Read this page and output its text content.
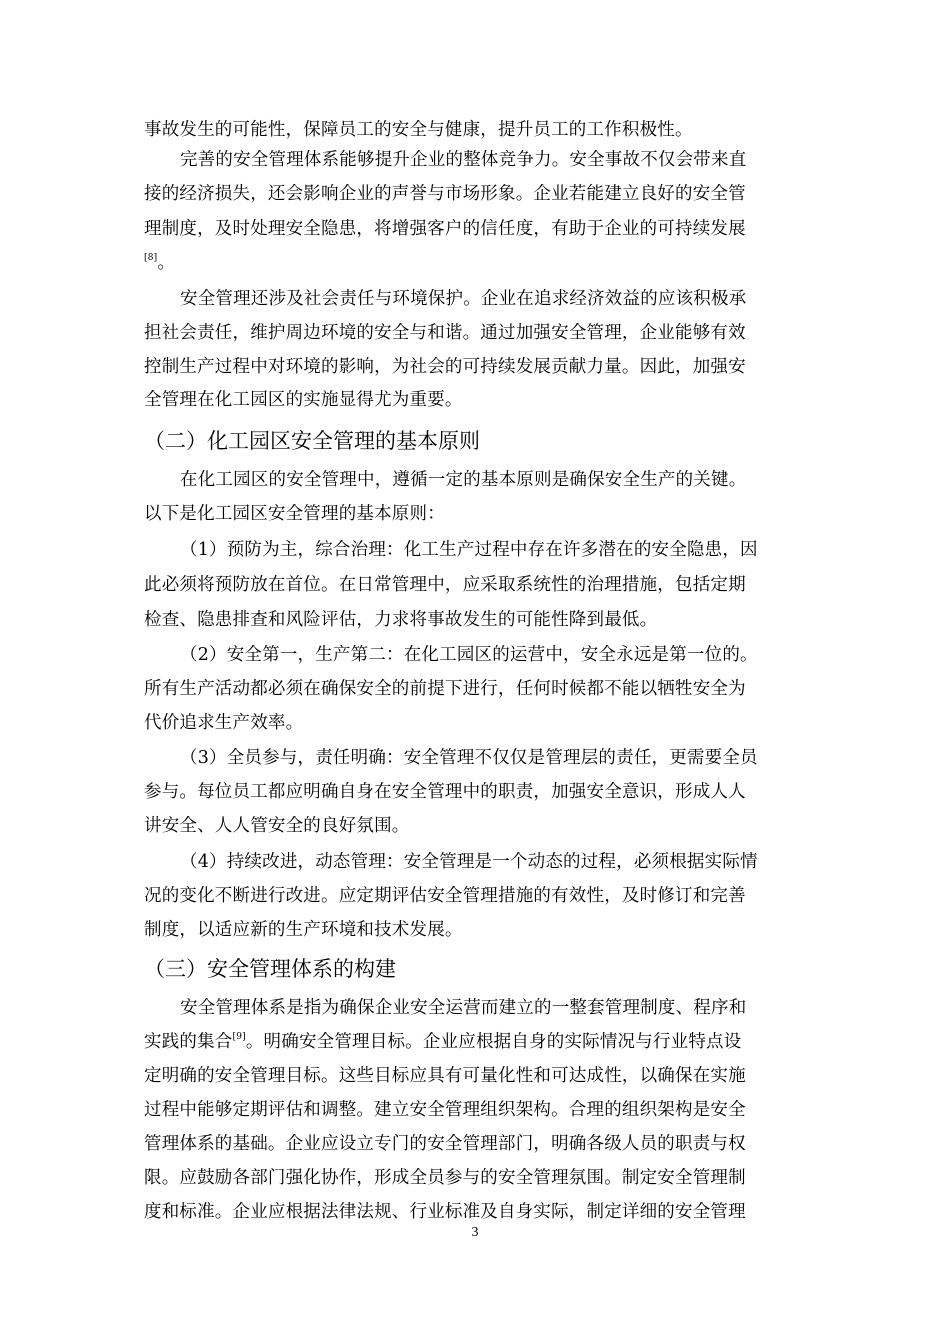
事故发生的可能性，保障员工的安全与健康，提升员工的工作积极性。
完善的安全管理体系能够提升企业的整体竞争力。安全事故不仅会带来直
接的经济损失，还会影响企业的声誉与市场形象。企业若能建立良好的安全管
理制度，及时处理安全隐患，将增强客户的信任度，有助于企业的可持续发展
[8]。
安全管理还涉及社会责任与环境保护。企业在追求经济效益的应该积极承
担社会责任，维护周边环境的安全与和谐。通过加强安全管理，企业能够有效
控制生产过程中对环境的影响，为社会的可持续发展贡献力量。因此，加强安
全管理在化工园区的实施显得尤为重要。
（二）化工园区安全管理的基本原则
在化工园区的安全管理中，遵循一定的基本原则是确保安全生产的关键。
以下是化工园区安全管理的基本原则：
（1）预防为主，综合治理：化工生产过程中存在许多潜在的安全隐患，因
此必须将预防放在首位。在日常管理中，应采取系统性的治理措施，包括定期
检查、隐患排查和风险评估，力求将事故发生的可能性降到最低。
（2）安全第一，生产第二：在化工园区的运营中，安全永远是第一位的。
所有生产活动都必须在确保安全的前提下进行，任何时候都不能以牺牲安全为
代价追求生产效率。
（3）全员参与，责任明确：安全管理不仅仅是管理层的责任，更需要全员
参与。每位员工都应明确自身在安全管理中的职责，加强安全意识，形成人人
讲安全、人人管安全的良好氛围。
（4）持续改进，动态管理：安全管理是一个动态的过程，必须根据实际情
况的变化不断进行改进。应定期评估安全管理措施的有效性，及时修订和完善
制度，以适应新的生产环境和技术发展。
（三）安全管理体系的构建
安全管理体系是指为确保企业安全运营而建立的一整套管理制度、程序和
实践的集合[9]。明确安全管理目标。企业应根据自身的实际情况与行业特点设
定明确的安全管理目标。这些目标应具有可量化性和可达成性，以确保在实施
过程中能够定期评估和调整。建立安全管理组织架构。合理的组织架构是安全
管理体系的基础。企业应设立专门的安全管理部门，明确各级人员的职责与权
限。应鼓励各部门强化协作，形成全员参与的安全管理氛围。制定安全管理制
度和标准。企业应根据法律法规、行业标准及自身实际，制定详细的安全管理
3
